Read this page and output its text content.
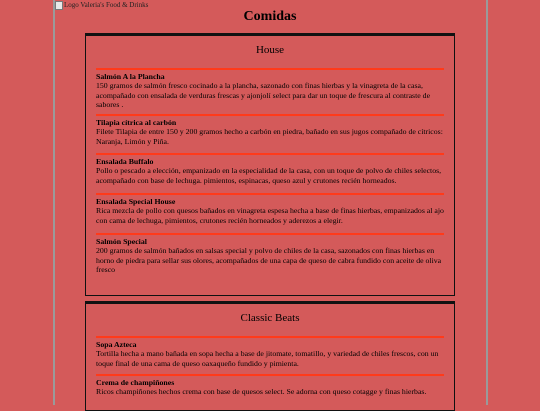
Logo Valeria's Food & Drinks
Comidas
House
Salmón A la Plancha
150 gramos de salmón fresco cocinado a la plancha, sazonado con finas hierbas y la vinagreta de la casa, acompañado con ensalada de verduras frescas y ajonjolí select para dar un toque de frescura al contraste de sabores .
Tilapia cítrica al carbón
Filete Tilapia de entre 150 y 200 gramos hecho a carbón en piedra, bañado en sus jugos compañado de cítricos: Naranja, Limón y Piña.
Ensalada Buffalo
Pollo o pescado a elección, empanizado en la especialidad de la casa, con un toque de polvo de chiles selectos, acompañado con base de lechuga. pimientos, espinacas, queso azul y crutones recién horneados.
Ensalada Special House
Rica mezcla de pollo con quesos bañados en vinagreta espesa hecha a base de finas hierbas, empanizados al ajo con cama de lechuga, pimientos, crutones recién horneados y aderezos a elegir.
Salmón Special
200 gramos de salmón bañados en salsas special y polvo de chiles de la casa, sazonados con finas hierbas en horno de piedra para sellar sus olores, acompañados de una capa de queso de cabra fundido con aceite de oliva fresco
Classic Beats
Sopa Azteca
Tortilla hecha a mano bañada en sopa hecha a base de jitomate, tomatillo, y variedad de chiles frescos, con un toque final de una cama de queso oaxaqueño fundido y pimienta.
Crema de champiñones
Ricos champiñones hechos crema con base de quesos select. Se adorna con queso cotagge y finas hierbas.
